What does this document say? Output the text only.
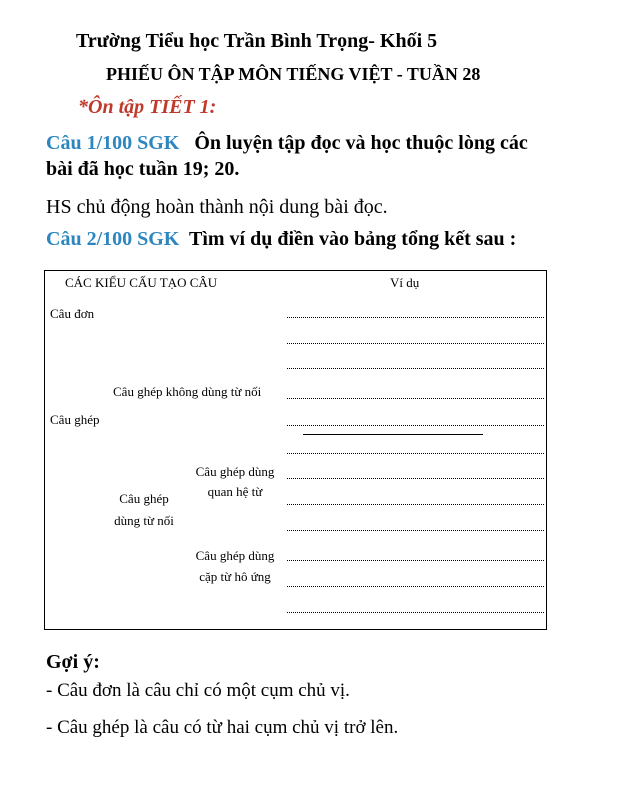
Trường Tiểu học Trần Bình Trọng- Khối 5
PHIẾU ÔN TẬP MÔN TIẾNG VIỆT - TUẦN 28
*Ôn tập TIẾT 1:
Câu 1/100 SGK Ôn luyện tập đọc và học thuộc lòng các
bài đã học tuần 19; 20.
HS chủ động hoàn thành nội dung bài đọc.
Câu 2/100 SGK Tìm ví dụ điền vào bảng tổng kết sau :
CÁC KIỂU CẤU TẠO CÂU	Ví dụ
Câu đơn
Câu ghép không dùng từ nối
Câu ghép
Câu ghép dùng từ nối
Câu ghép dùng quan hệ từ
Câu ghép dùng cặp từ hô ứng
Gợi ý:
- Câu đơn là câu chỉ có một cụm chủ vị.
- Câu ghép là câu có từ hai cụm chủ vị trở lên.
